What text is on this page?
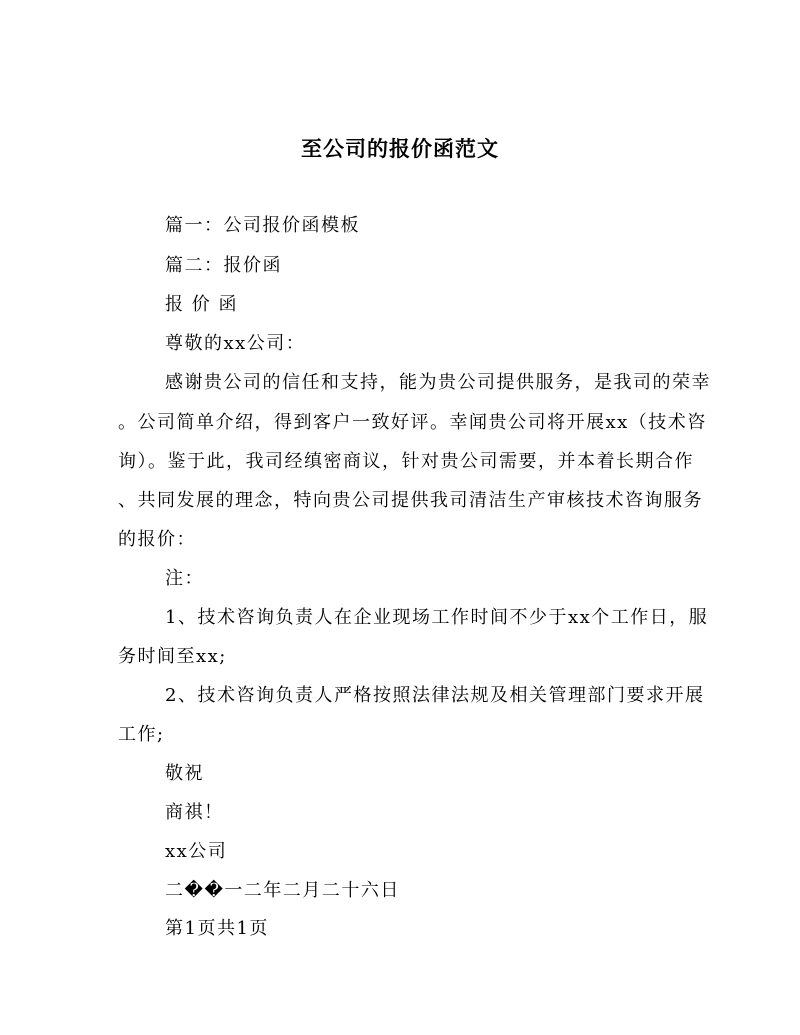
至公司的报价函范文
篇一：公司报价函模板
篇二：报价函
报 价 函
尊敬的xx公司：
感谢贵公司的信任和支持，能为贵公司提供服务，是我司的荣幸
。公司简单介绍，得到客户一致好评。幸闻贵公司将开展xx（技术咨
询）。鉴于此，我司经缜密商议，针对贵公司需要，并本着长期合作
、共同发展的理念，特向贵公司提供我司清洁生产审核技术咨询服务
的报价：
注：
1、技术咨询负责人在企业现场工作时间不少于xx个工作日，服
务时间至xx;
2、技术咨询负责人严格按照法律法规及相关管理部门要求开展
工作;
敬祝
商祺！
xx公司
二��一二年二月二十六日
第1页共1页
